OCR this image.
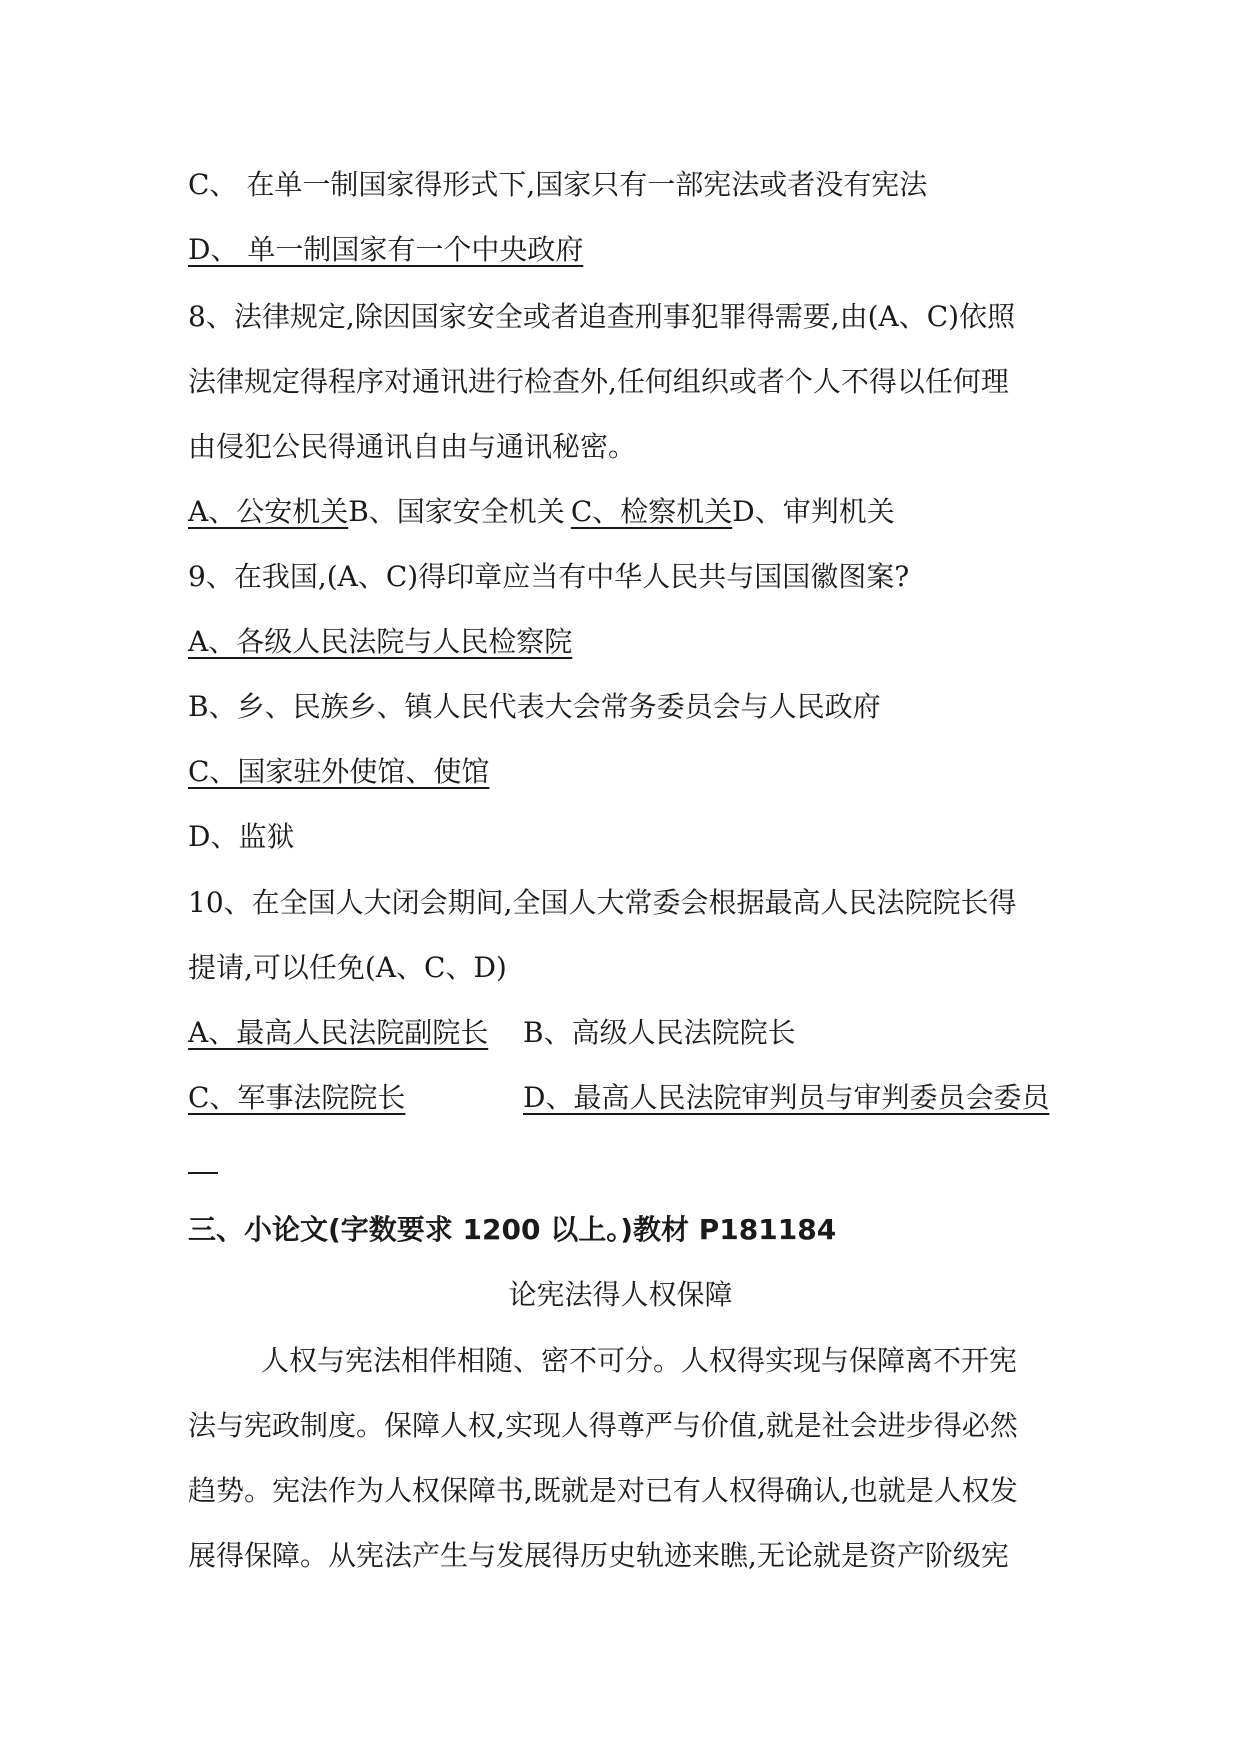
C、 在单一制国家得形式下,国家只有一部宪法或者没有宪法

D、 单一制国家有一个中央政府

8、法律规定,除因国家安全或者追查刑事犯罪得需要,由(A、C)依照

法律规定得程序对通讯进行检查外,任何组织或者个人不得以任何理

由侵犯公民得通讯自由与通讯秘密。

A、公安机关B、国家安全机关 C、检察机关D、审判机关

9、在我国,(A、C)得印章应当有中华人民共与国国徽图案?

A、各级人民法院与人民检察院

B、乡、民族乡、镇人民代表大会常务委员会与人民政府

C、国家驻外使馆、使馆

D、监狱

10、在全国人大闭会期间,全国人大常委会根据最高人民法院院长得

提请,可以任免(A、C、D)

A、最高人民法院副院长 B、高级人民法院院长

C、军事法院院长	D、最高人民法院审判员与审判委员会委员

三、小论文(字数要求 1200 以上。)教材 P181184

论宪法得人权保障

人权与宪法相伴相随、密不可分。人权得实现与保障离不开宪

法与宪政制度。保障人权,实现人得尊严与价值,就是社会进步得必然

趋势。宪法作为人权保障书,既就是对已有人权得确认,也就是人权发

展得保障。从宪法产生与发展得历史轨迹来瞧,无论就是资产阶级宪
